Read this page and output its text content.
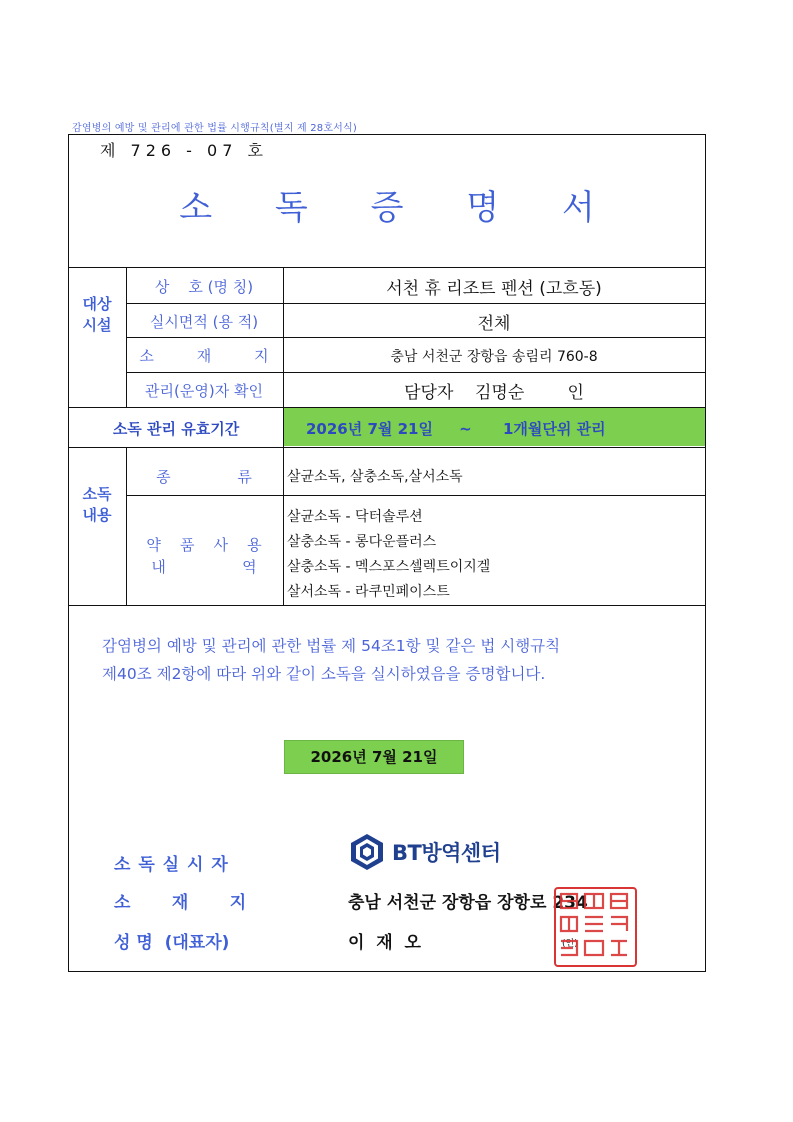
감염병의 예방 및 관리에 관한 법률 시행규칙(별지 제 28호서식)
제 726 - 07 호
소 독 증 명 서
대상시설
상    호 (명 칭)	서천 휴 리조트 펜션 (고흐동)
실시면적 (용 적)	전체
소         재         지	충남 서천군 장항읍 송림리 760-8
관리(운영)자 확인	담당자    김명순        인
소독 관리 유효기간	2026년 7월 21일     ~      1개월단위 관리
소독내용
종              류	살균소독, 살충소독,살서소독
약    품    사    용
내                역
살균소독 - 닥터솔루션
살충소독 - 롱다운플러스
살충소독 - 멕스포스셀렉트이지겔
살서소독 - 라쿠민페이스트
감염병의 예방 및 관리에 관한 법률 제 54조1항 및 같은 법 시행규칙
제40조 제2항에 따라 위와 같이 소독을 실시하였음을 증명합니다.
2026년 7월 21일
소 독 실 시 자	BT방역센터
소       재       지	충남 서천군 장항읍 장항로 234
성 명  (대표자)	이  재  오	(인)
